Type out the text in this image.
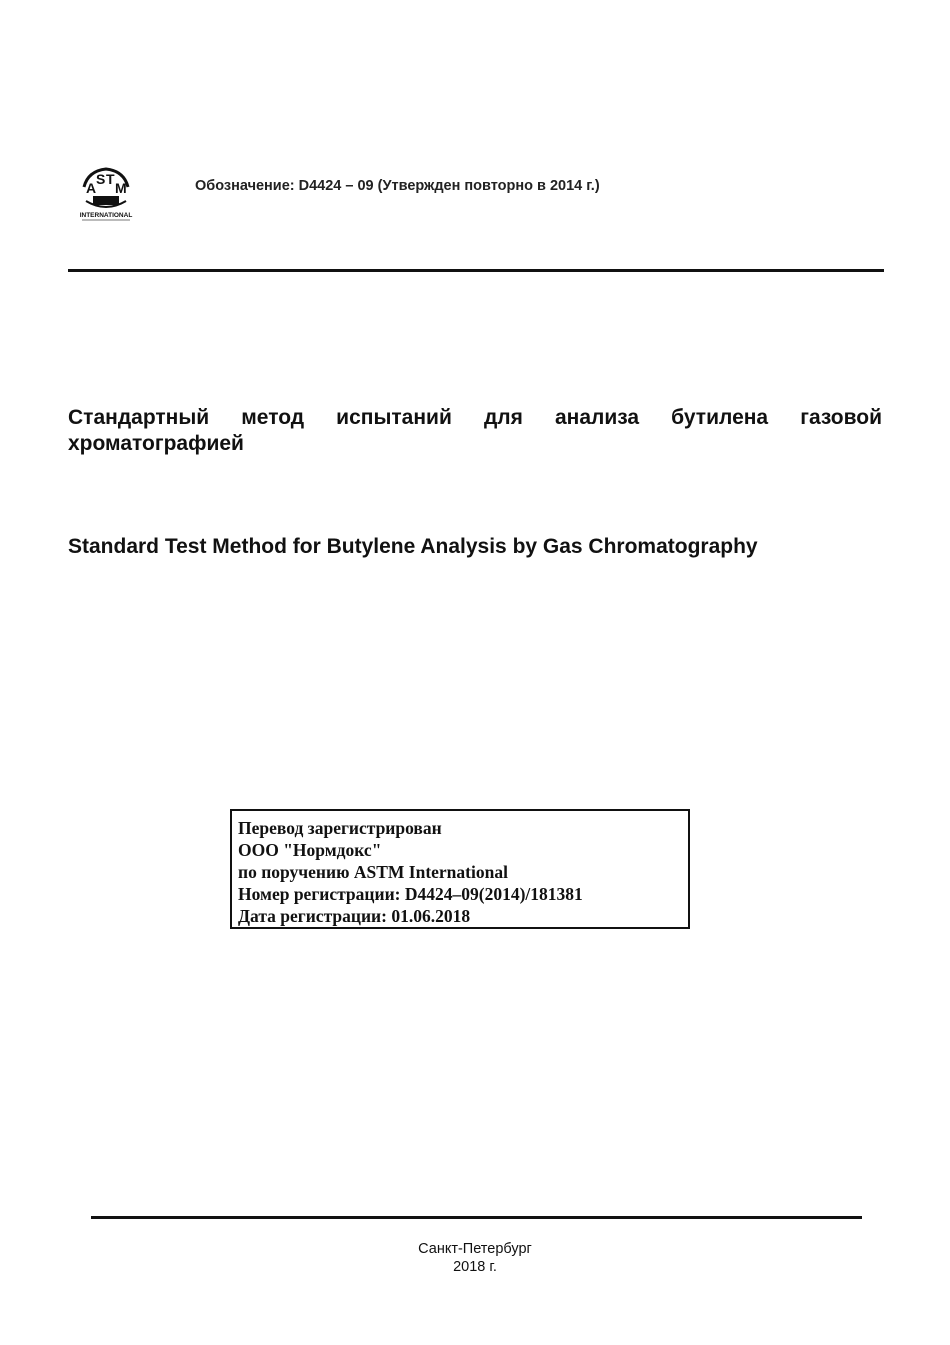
A
S T
M
INTERNATIONAL
Обозначение: D4424 – 09 (Утвержден повторно в 2014 г.)
Стандартный метод испытаний для анализа бутилена газовой хроматографией
Standard Test Method for Butylene Analysis by Gas Chromatography
Перевод зарегистрирован
ООО "Нормдокс"
по поручению ASTM International
Номер регистрации: D4424–09(2014)/181381
Дата регистрации: 01.06.2018
Санкт-Петербург
2018 г.
